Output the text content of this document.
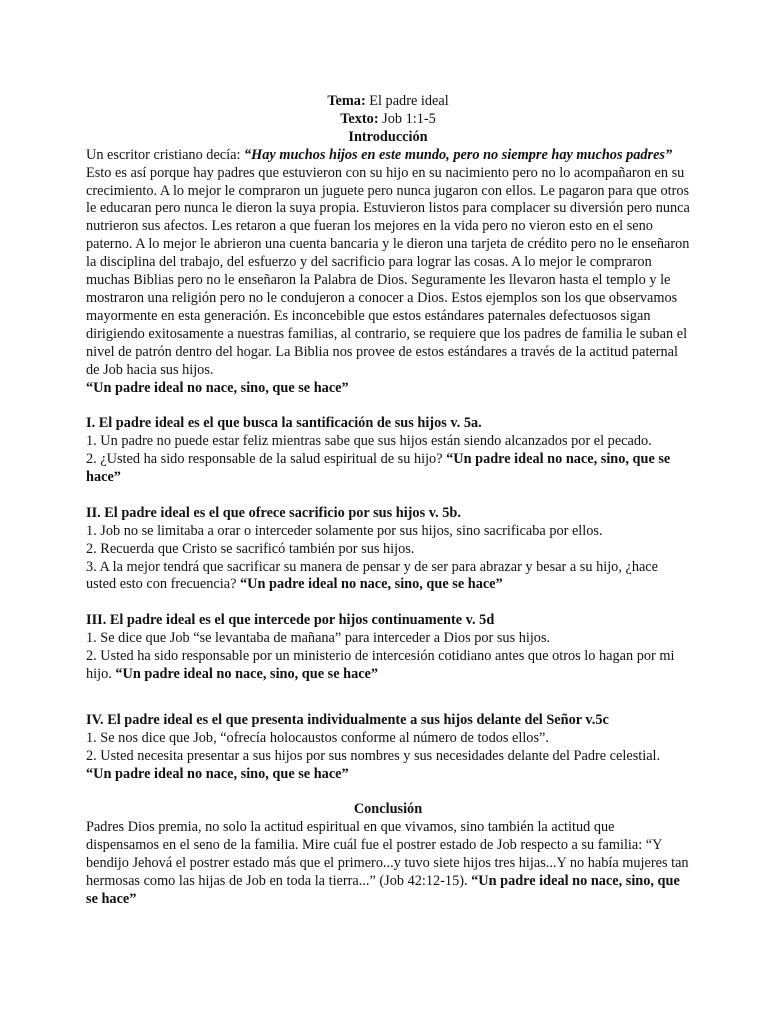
Tema: El padre ideal

Texto: Job 1:1-5

Introducción

Un escritor cristiano decía: “Hay muchos hijos en este mundo, pero no siempre hay muchos padres” Esto es así porque hay padres que estuvieron con su hijo en su nacimiento pero no lo acompañaron en su crecimiento. A lo mejor le compraron un juguete pero nunca jugaron con ellos. Le pagaron para que otros le educaran pero nunca le dieron la suya propia. Estuvieron listos para complacer su diversión pero nunca nutrieron sus afectos. Les retaron a que fueran los mejores en la vida pero no vieron esto en el seno paterno. A lo mejor le abrieron una cuenta bancaria y le dieron una tarjeta de crédito pero no le enseñaron la disciplina del trabajo, del esfuerzo y del sacrificio para lograr las cosas. A lo mejor le compraron muchas Biblias pero no le enseñaron la Palabra de Dios. Seguramente les llevaron hasta el templo y le mostraron una religión pero no le condujeron a conocer a Dios. Estos ejemplos son los que observamos mayormente en esta generación. Es inconcebible que estos estándares paternales defectuosos sigan dirigiendo exitosamente a nuestras familias, al contrario, se requiere que los padres de familia le suban el nivel de patrón dentro del hogar. La Biblia nos provee de estos estándares a través de la actitud paternal de Job hacia sus hijos.

“Un padre ideal no nace, sino, que se hace”

I. El padre ideal es el que busca la santificación de sus hijos v. 5a.

1. Un padre no puede estar feliz mientras sabe que sus hijos están siendo alcanzados por el pecado.

2. ¿Usted ha sido responsable de la salud espiritual de su hijo? “Un padre ideal no nace, sino, que se hace”

II. El padre ideal es el que ofrece sacrificio por sus hijos v. 5b.

1. Job no se limitaba a orar o interceder solamente por sus hijos, sino sacrificaba por ellos.

2. Recuerda que Cristo se sacrificó también por sus hijos.

3. A la mejor tendrá que sacrificar su manera de pensar y de ser para abrazar y besar a su hijo, ¿hace usted esto con frecuencia? “Un padre ideal no nace, sino, que se hace”

III. El padre ideal es el que intercede por hijos continuamente v. 5d

1. Se dice que Job “se levantaba de mañana” para interceder a Dios por sus hijos.

2. Usted ha sido responsable por un ministerio de intercesión cotidiano antes que otros lo hagan por mi hijo. “Un padre ideal no nace, sino, que se hace”

IV. El padre ideal es el que presenta individualmente a sus hijos delante del Señor v.5c

1. Se nos dice que Job, “ofrecía holocaustos conforme al número de todos ellos”.

2. Usted necesita presentar a sus hijos por sus nombres y sus necesidades delante del Padre celestial.

“Un padre ideal no nace, sino, que se hace”

Conclusión

Padres Dios premia, no solo la actitud espiritual en que vivamos, sino también la actitud que dispensamos en el seno de la familia. Mire cuál fue el postrer estado de Job respecto a su familia: “Y bendijo Jehová el postrer estado más que el primero...y tuvo siete hijos tres hijas...Y no había mujeres tan hermosas como las hijas de Job en toda la tierra...” (Job 42:12-15). “Un padre ideal no nace, sino, que se hace”
